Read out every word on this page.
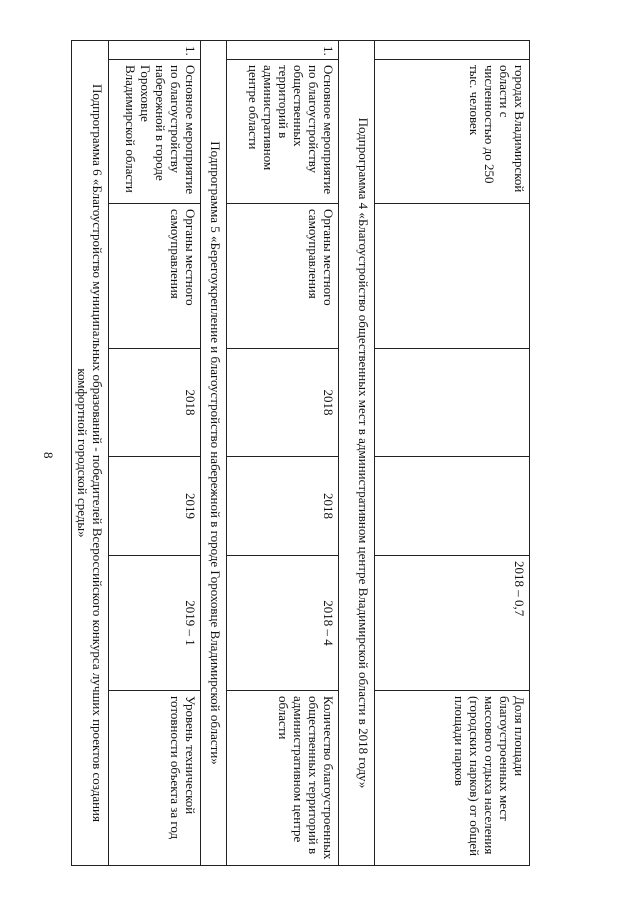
8
	городах Владимирской области с численностью до 250 тыс. человек				2018 – 0,7	Доля площади благоустроенных мест массового отдыха населения (городских парков) от общей площади парков
Подпрограмма 4 «Благоустройство общественных мест в административном центре Владимирской области в 2018 году»						
1.	Основное мероприятие по благоустройству общественных территорий в административном центре области	Органы местного самоуправления	2018	2018	2018 – 4	Количество благоустроенных общественных территорий в административном центре области
Подпрограмма 5 «Берегоукрепление и благоустройство набережной в городе Гороховце Владимирской области»						
1.	Основное мероприятие по благоустройству набережной в городе Гороховце Владимирской области	Органы местного самоуправления	2018	2019	2019 – 1	Уровень технической готовности объекта за год
Подпрограмма 6 «Благоустройство муниципальных образований - победителей Всероссийского конкурса лучших проектов создания комфортной городской среды»						
